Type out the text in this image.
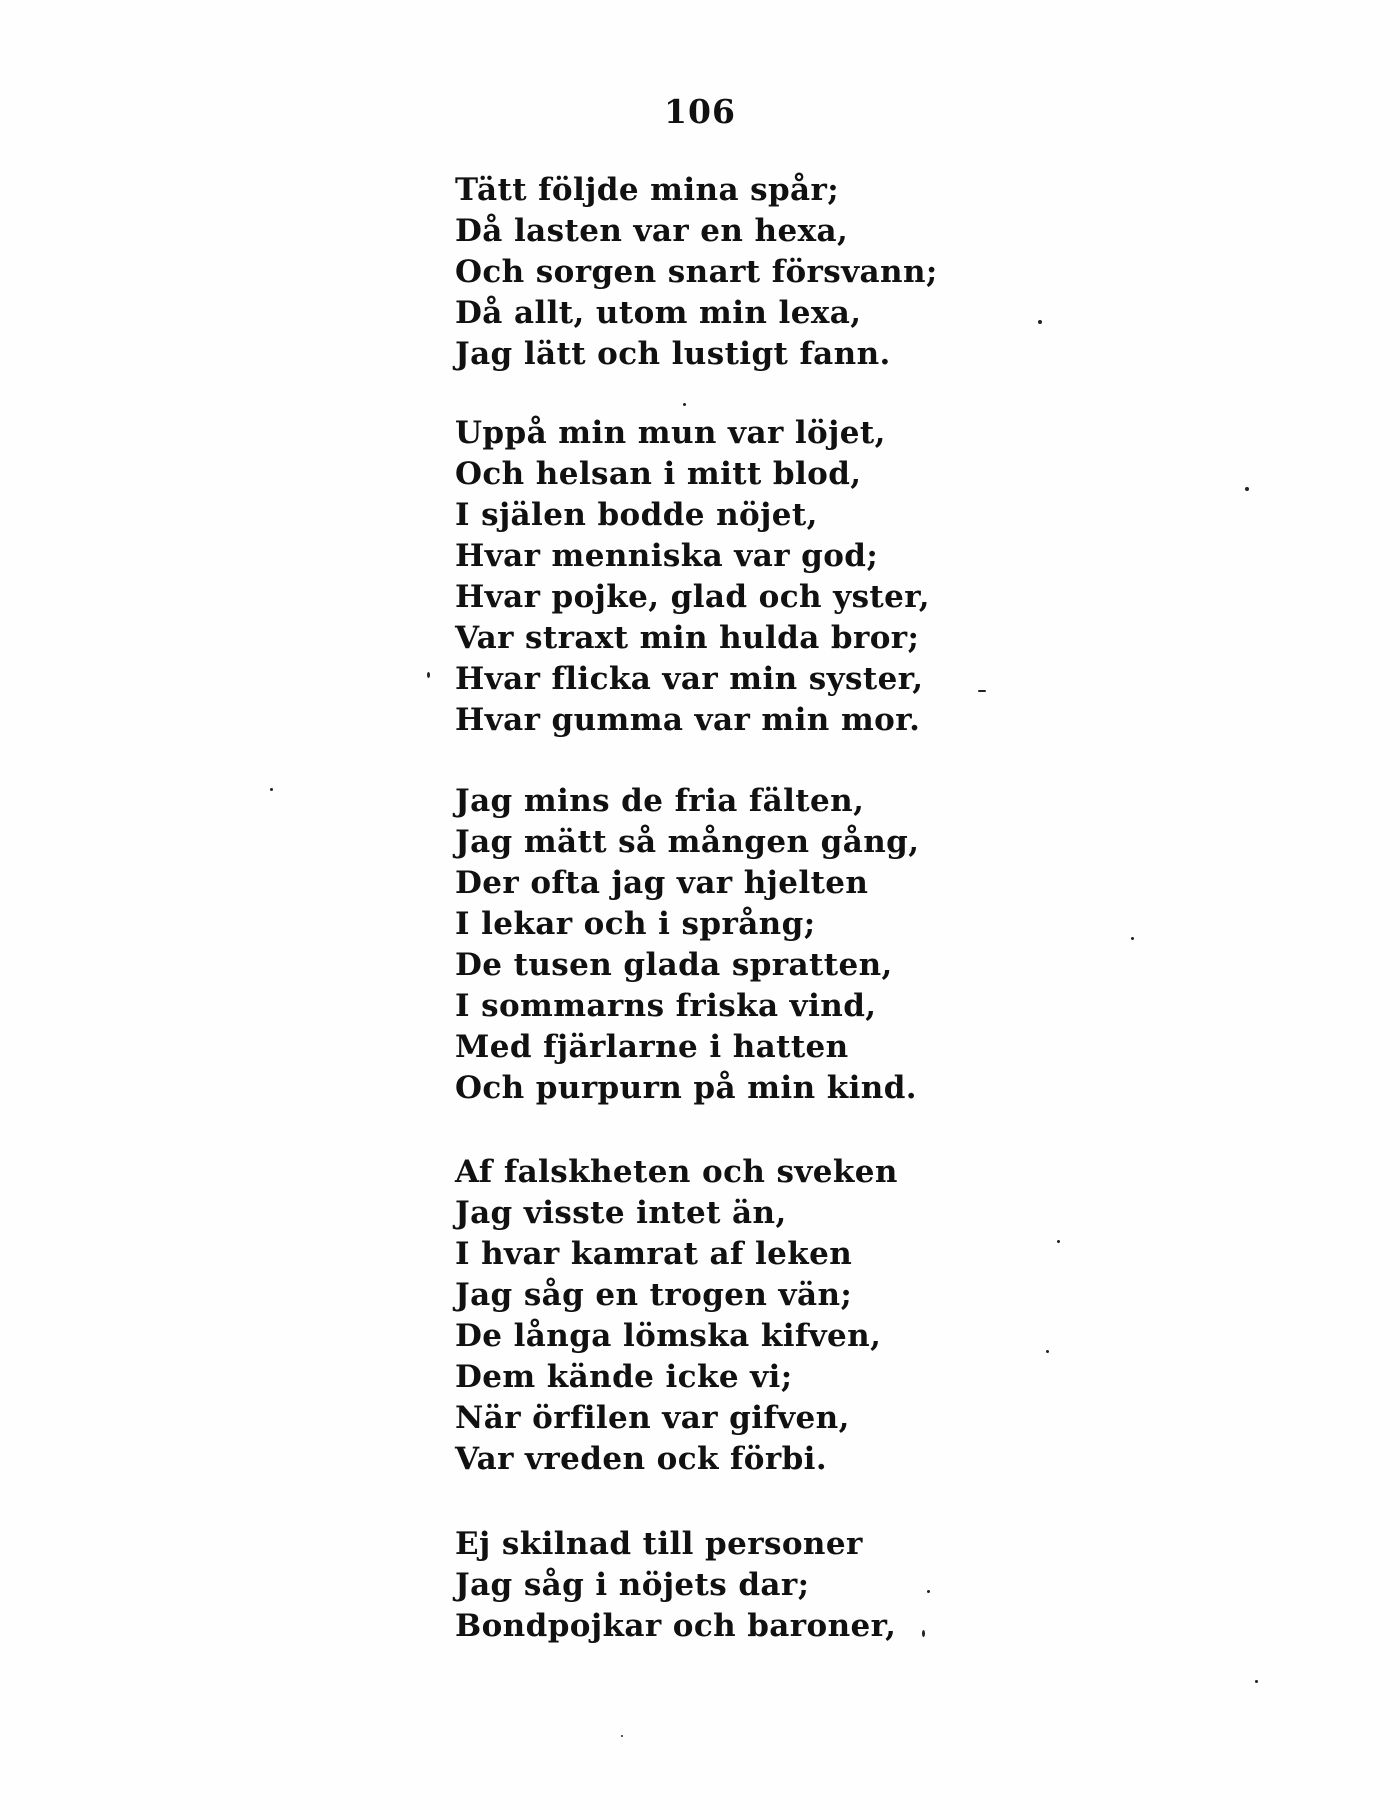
106
Tätt följde mina spår;
Då lasten var en hexa,
Och sorgen snart försvann;
Då allt, utom min lexa,
Jag lätt och lustigt fann.
Uppå min mun var löjet,
Och helsan i mitt blod,
I själen bodde nöjet,
Hvar menniska var god;
Hvar pojke, glad och yster,
Var straxt min hulda bror;
Hvar flicka var min syster,
Hvar gumma var min mor.
Jag mins de fria fälten,
Jag mätt så mången gång,
Der ofta jag var hjelten
I lekar och i språng;
De tusen glada spratten,
I sommarns friska vind,
Med fjärlarne i hatten
Och purpurn på min kind.
Af falskheten och sveken
Jag visste intet än,
I hvar kamrat af leken
Jag såg en trogen vän;
De långa lömska kifven,
Dem kände icke vi;
När örfilen var gifven,
Var vreden ock förbi.
Ej skilnad till personer
Jag såg i nöjets dar;
Bondpojkar och baroner,
